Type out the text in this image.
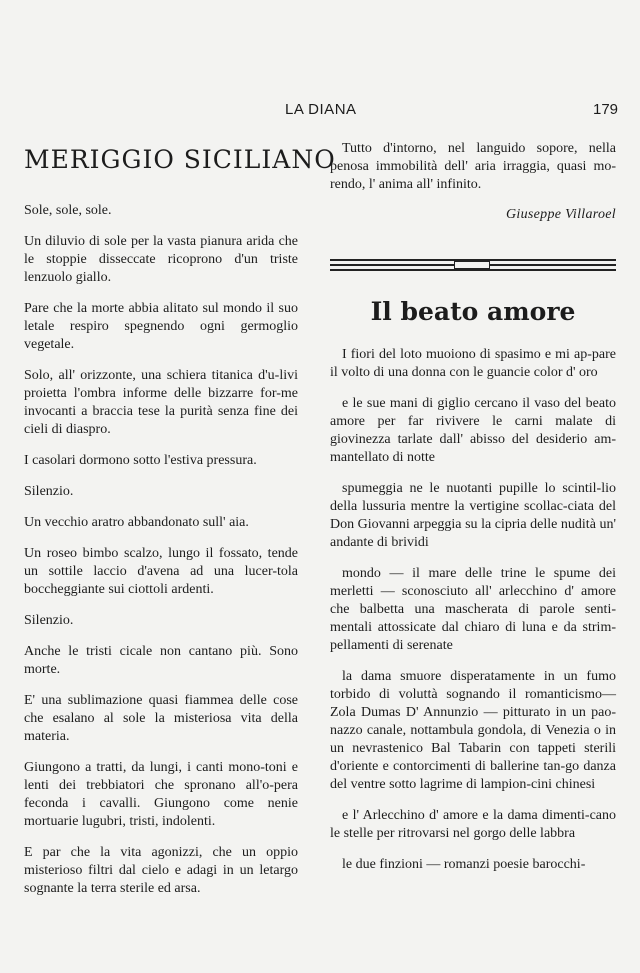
LA DIANA	179
MERIGGIO SICILIANO

Sole, sole, sole.

Un diluvio di sole per la vasta pianura arida che le stoppie disseccate ricoprono d'un triste lenzuolo giallo.

Pare che la morte abbia alitato sul mondo il suo letale respiro spegnendo ogni germoglio vegetale.

Solo, all' orizzonte, una schiera titanica d'u-livi proietta l'ombra informe delle bizzarre for-me invocanti a braccia tese la purità senza fine dei cieli di diaspro.

I casolari dormono sotto l'estiva pressura.

Silenzio.

Un vecchio aratro abbandonato sull' aia.

Un roseo bimbo scalzo, lungo il fossato, tende un sottile laccio d'avena ad una lucer-tola boccheggiante sui ciottoli ardenti.

Silenzio.

Anche le tristi cicale non cantano più. Sono morte.

E' una sublimazione quasi fiammea delle cose che esalano al sole la misteriosa vita della materia.

Giungono a tratti, da lungi, i canti mono-toni e lenti dei trebbiatori che spronano all'o-pera feconda i cavalli. Giungono come nenie mortuarie lugubri, tristi, indolenti.

E par che la vita agonizzi, che un oppio misterioso filtri dal cielo e adagi in un letargo sognante la terra sterile ed arsa.

Tutto d'intorno, nel languido sopore, nella penosa immobilità dell' aria irraggia, quasi mo-rendo, l' anima all' infinito.

Giuseppe Villaroel
Il beato amore

I fiori del loto muoiono di spasimo e mi ap-pare il volto di una donna con le guancie color d' oro

e le sue mani di giglio cercano il vaso del beato amore per far rivivere le carni malate di giovinezza tarlate dall' abisso del desiderio am-mantellato di notte

spumeggia ne le nuotanti pupille lo scintil-lio della lussuria mentre la vertigine scollac-ciata del Don Giovanni arpeggia su la cipria delle nudità un' andante di brividi

mondo — il mare delle trine le spume dei merletti — sconosciuto all' arlecchino d' amore che balbetta una mascherata di parole senti-mentali attossicate dal chiaro di luna e da strim-pellamenti di serenate

la dama smuore disperatamente in un fumo torbido di voluttà sognando il romanticismo— Zola Dumas D' Annunzio — pitturato in un pao-nazzo canale, nottambula gondola, di Venezia o in un nevrastenico Bal Tabarin con tappeti sterili d'oriente e contorcimenti di ballerine tan-go danza del ventre sotto lagrime di lampion-cini chinesi

e l' Arlecchino d' amore e la dama dimenti-cano le stelle per ritrovarsi nel gorgo delle labbra

le due finzioni — romanzi poesie barocchi-
